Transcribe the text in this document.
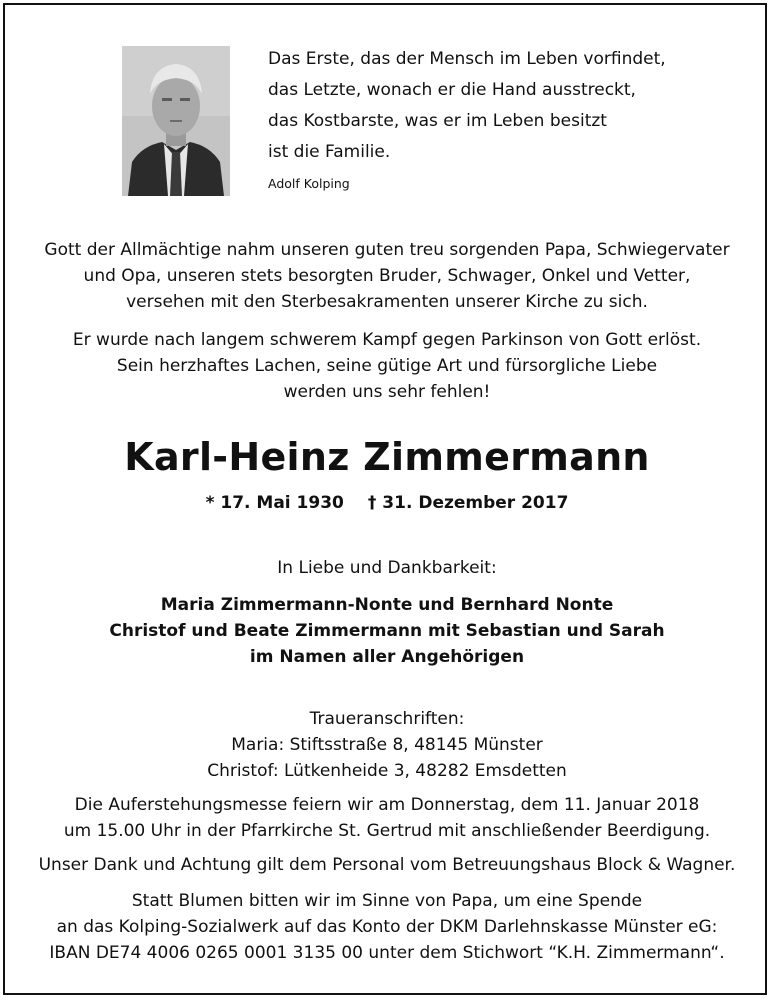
Das Erste, das der Mensch im Leben vorfindet,
das Letzte, wonach er die Hand ausstreckt,
das Kostbarste, was er im Leben besitzt
ist die Familie.
Adolf Kolping
Gott der Allmächtige nahm unseren guten treu sorgenden Papa, Schwiegervater
und Opa, unseren stets besorgten Bruder, Schwager, Onkel und Vetter,
versehen mit den Sterbesakramenten unserer Kirche zu sich.
Er wurde nach langem schwerem Kampf gegen Parkinson von Gott erlöst.
Sein herzhaftes Lachen, seine gütige Art und fürsorgliche Liebe
werden uns sehr fehlen!
Karl-Heinz Zimmermann
* 17. Mai 1930 † 31. Dezember 2017
In Liebe und Dankbarkeit:
Maria Zimmermann-Nonte und Bernhard Nonte
Christof und Beate Zimmermann mit Sebastian und Sarah
im Namen aller Angehörigen
Traueranschriften:
Maria: Stiftsstraße 8, 48145 Münster
Christof: Lütkenheide 3, 48282 Emsdetten
Die Auferstehungsmesse feiern wir am Donnerstag, dem 11. Januar 2018
um 15.00 Uhr in der Pfarrkirche St. Gertrud mit anschließender Beerdigung.
Unser Dank und Achtung gilt dem Personal vom Betreuungshaus Block & Wagner.
Statt Blumen bitten wir im Sinne von Papa, um eine Spende
an das Kolping-Sozialwerk auf das Konto der DKM Darlehnskasse Münster eG:
IBAN DE74 4006 0265 0001 3135 00 unter dem Stichwort “K.H. Zimmermann“.
